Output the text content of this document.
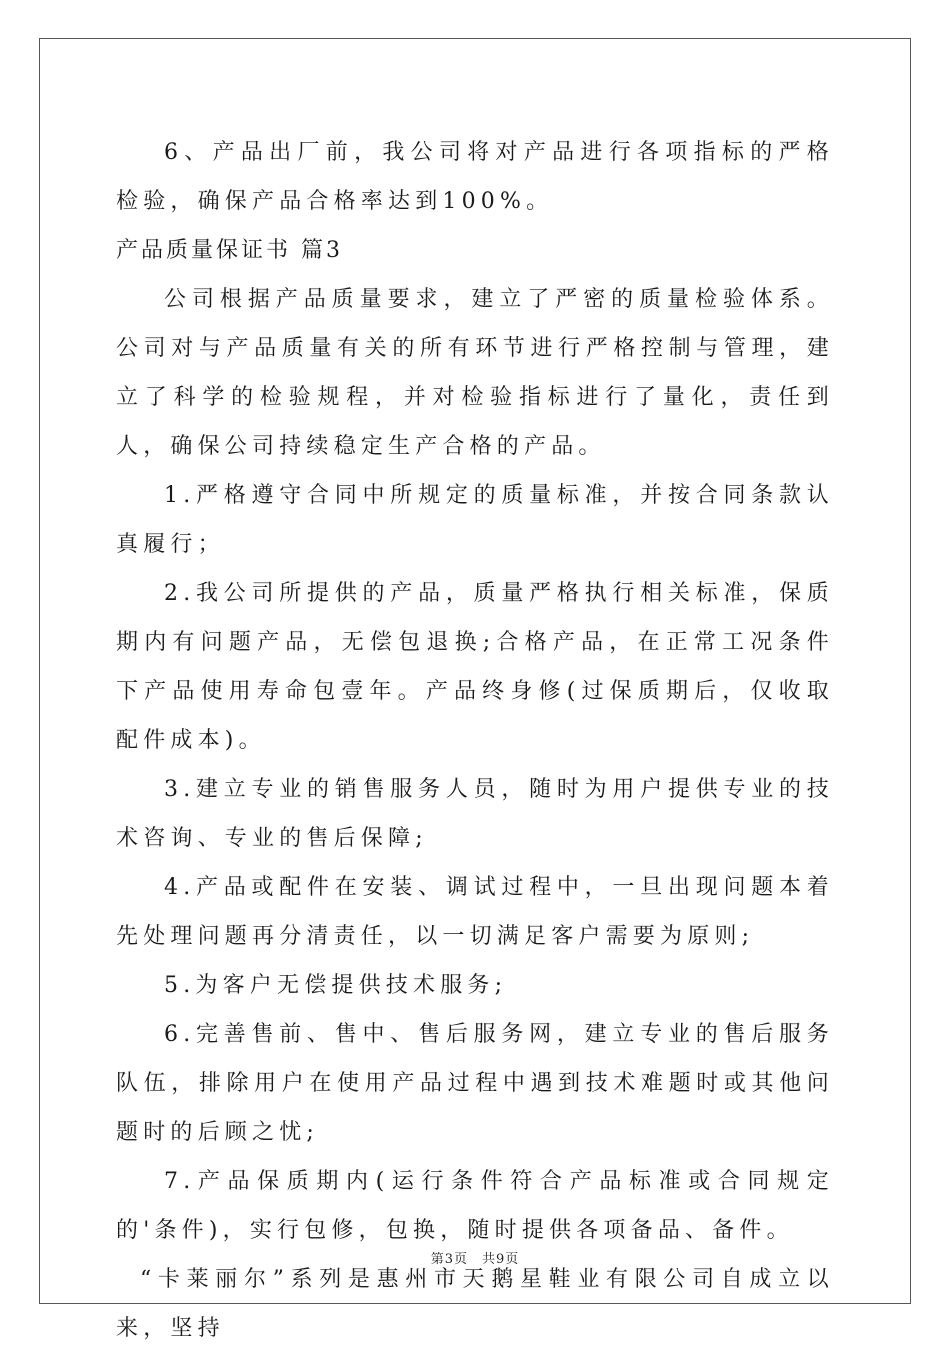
6、产品出厂前，我公司将对产品进行各项指标的严格检验，确保产品合格率达到100%。

产品质量保证书 篇3

公司根据产品质量要求，建立了严密的质量检验体系。公司对与产品质量有关的所有环节进行严格控制与管理，建立了科学的检验规程，并对检验指标进行了量化，责任到人，确保公司持续稳定生产合格的产品。

1.严格遵守合同中所规定的质量标准，并按合同条款认真履行；

2.我公司所提供的产品，质量严格执行相关标准，保质期内有问题产品，无偿包退换;合格产品，在正常工况条件下产品使用寿命包壹年。产品终身修(过保质期后，仅收取配件成本)。

3.建立专业的销售服务人员，随时为用户提供专业的技术咨询、专业的售后保障;

4.产品或配件在安装、调试过程中，一旦出现问题本着先处理问题再分清责任，以一切满足客户需要为原则;

5.为客户无偿提供技术服务;

6.完善售前、售中、售后服务网，建立专业的售后服务队伍，排除用户在使用产品过程中遇到技术难题时或其他问题时的后顾之忧;

7.产品保质期内(运行条件符合产品标准或合同规定的'条件)，实行包修，包换，随时提供各项备品、备件。

“卡莱丽尔”系列是惠州市天鹅星鞋业有限公司自成立以来，坚持

第3页 共9页
